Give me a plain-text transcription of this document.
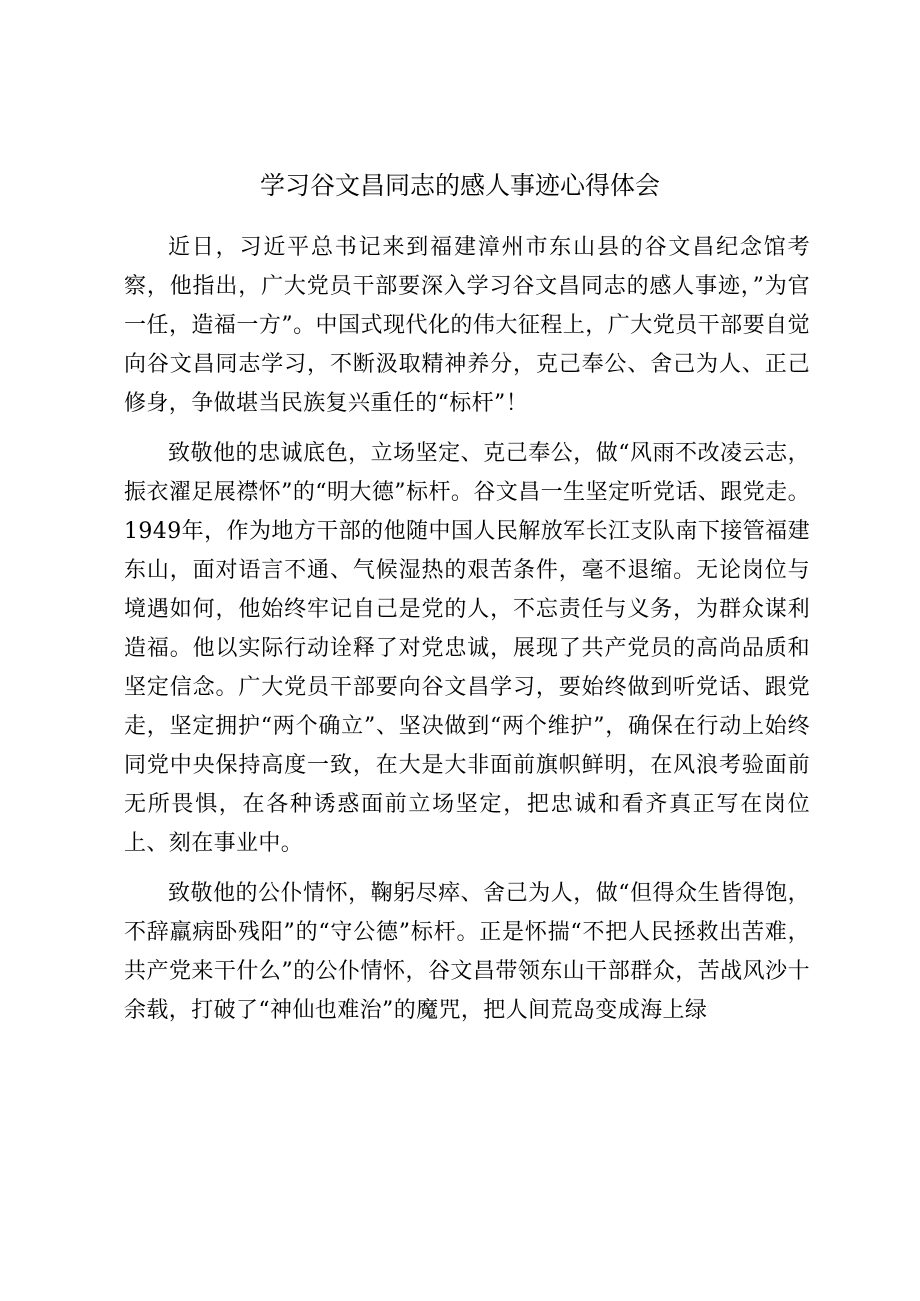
学习谷文昌同志的感人事迹心得体会

近日，习近平总书记来到福建漳州市东山县的谷文昌纪念馆考察，他指出，广大党员干部要深入学习谷文昌同志的感人事迹，”为官一任，造福一方”。中国式现代化的伟大征程上，广大党员干部要自觉向谷文昌同志学习，不断汲取精神养分，克己奉公、舍己为人、正己修身，争做堪当民族复兴重任的“标杆”！

致敬他的忠诚底色，立场坚定、克己奉公，做“风雨不改凌云志，振衣濯足展襟怀”的“明大德”标杆。谷文昌一生坚定听党话、跟党走。1949年，作为地方干部的他随中国人民解放军长江支队南下接管福建东山，面对语言不通、气候湿热的艰苦条件，毫不退缩。无论岗位与境遇如何，他始终牢记自己是党的人，不忘责任与义务，为群众谋利造福。他以实际行动诠释了对党忠诚，展现了共产党员的高尚品质和坚定信念。广大党员干部要向谷文昌学习，要始终做到听党话、跟党走，坚定拥护“两个确立”、坚决做到“两个维护”，确保在行动上始终同党中央保持高度一致，在大是大非面前旗帜鲜明，在风浪考验面前无所畏惧，在各种诱惑面前立场坚定，把忠诚和看齐真正写在岗位上、刻在事业中。

致敬他的公仆情怀，鞠躬尽瘁、舍己为人，做“但得众生皆得饱，不辞羸病卧残阳”的“守公德”标杆。正是怀揣“不把人民拯救出苦难，共产党来干什么”的公仆情怀，谷文昌带领东山干部群众，苦战风沙十余载，打破了“神仙也难治”的魔咒，把人间荒岛变成海上绿
